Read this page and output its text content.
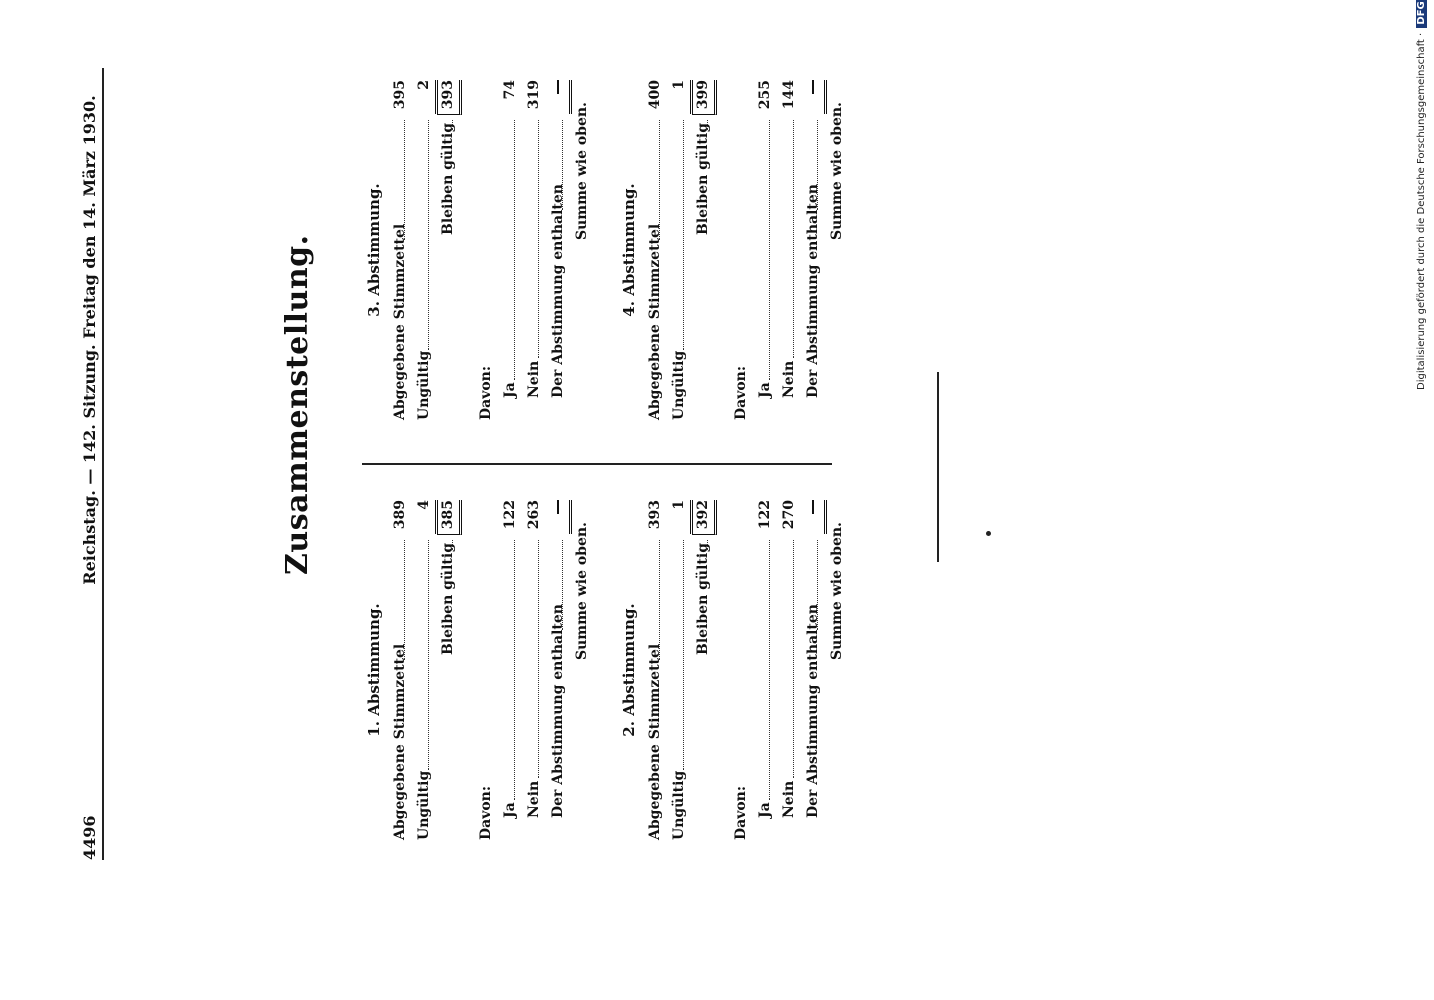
4496
Reichstag. — 142. Sitzung. Freitag den 14. März 1930.	Zusammenstellung.
1. Abstimmung. Abgegebene Stimmzettel
389
Ungültig
4
Bleiben gültig
385
Davon: Ja
122
Nein
263
Der Abstimmung enthalten
Summe wie oben.
2. Abstimmung. Abgegebene Stimmzettel
393
Ungültig
1
Bleiben gültig
392
Davon: Ja
122
Nein
270
Der Abstimmung enthalten
Summe wie oben.
3. Abstimmung. Abgegebene Stimmzettel
395
Ungültig
2
Bleiben gültig
393
Davon: Ja
74
Nein
319
Der Abstimmung enthalten
Summe wie oben.
4. Abstimmung. Abgegebene Stimmzettel
400
Ungültig
1
Bleiben gültig
399
Davon: Ja
255
Nein
144
Der Abstimmung enthalten
Summe wie oben.	Digitalisierung gefördert durch die Deutsche Forschungsgemeinschaft · DFG
